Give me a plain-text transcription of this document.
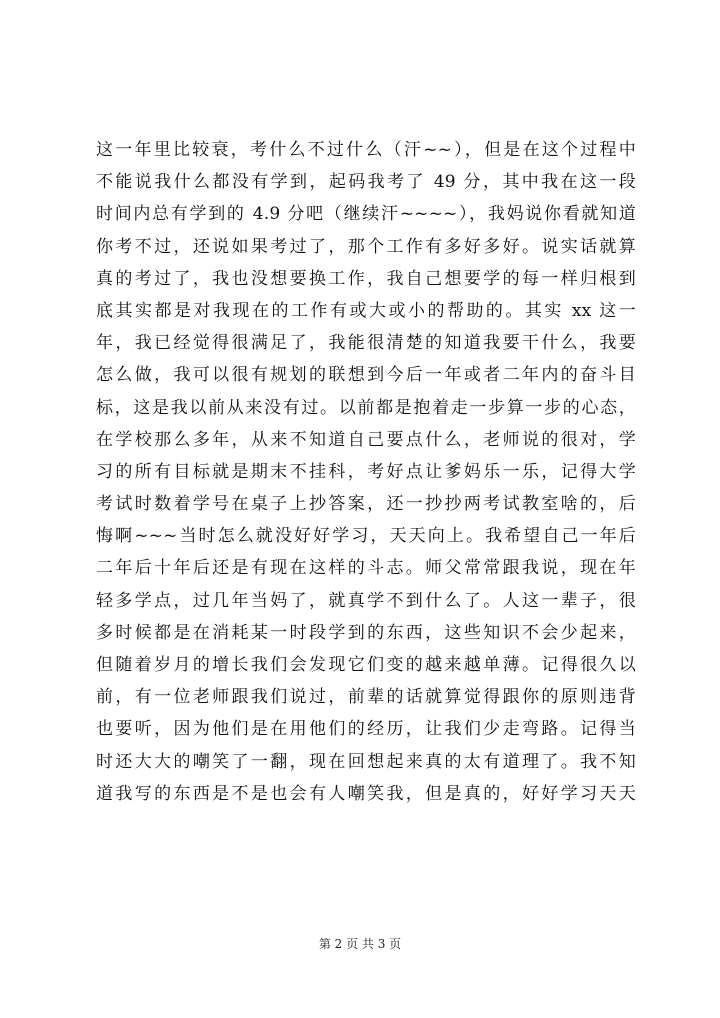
这一年里比较衰，考什么不过什么（汗~~），但是在这个过程中
不能说我什么都没有学到，起码我考了 49 分，其中我在这一段
时间内总有学到的 4.9 分吧（继续汗~~~~），我妈说你看就知道
你考不过，还说如果考过了，那个工作有多好多好。说实话就算
真的考过了，我也没想要换工作，我自己想要学的每一样归根到
底其实都是对我现在的工作有或大或小的帮助的。其实 xx 这一
年，我已经觉得很满足了，我能很清楚的知道我要干什么，我要
怎么做，我可以很有规划的联想到今后一年或者二年内的奋斗目
标，这是我以前从来没有过。以前都是抱着走一步算一步的心态，
在学校那么多年，从来不知道自己要点什么，老师说的很对，学
习的所有目标就是期末不挂科，考好点让爹妈乐一乐，记得大学
考试时数着学号在桌子上抄答案，还一抄抄两考试教室啥的，后
悔啊~~~当时怎么就没好好学习，天天向上。我希望自己一年后
二年后十年后还是有现在这样的斗志。师父常常跟我说，现在年
轻多学点，过几年当妈了，就真学不到什么了。人这一辈子，很
多时候都是在消耗某一时段学到的东西，这些知识不会少起来，
但随着岁月的增长我们会发现它们变的越来越单薄。记得很久以
前，有一位老师跟我们说过，前辈的话就算觉得跟你的原则违背
也要听，因为他们是在用他们的经历，让我们少走弯路。记得当
时还大大的嘲笑了一翻，现在回想起来真的太有道理了。我不知
道我写的东西是不是也会有人嘲笑我，但是真的，好好学习天天
第 2 页 共 3 页
